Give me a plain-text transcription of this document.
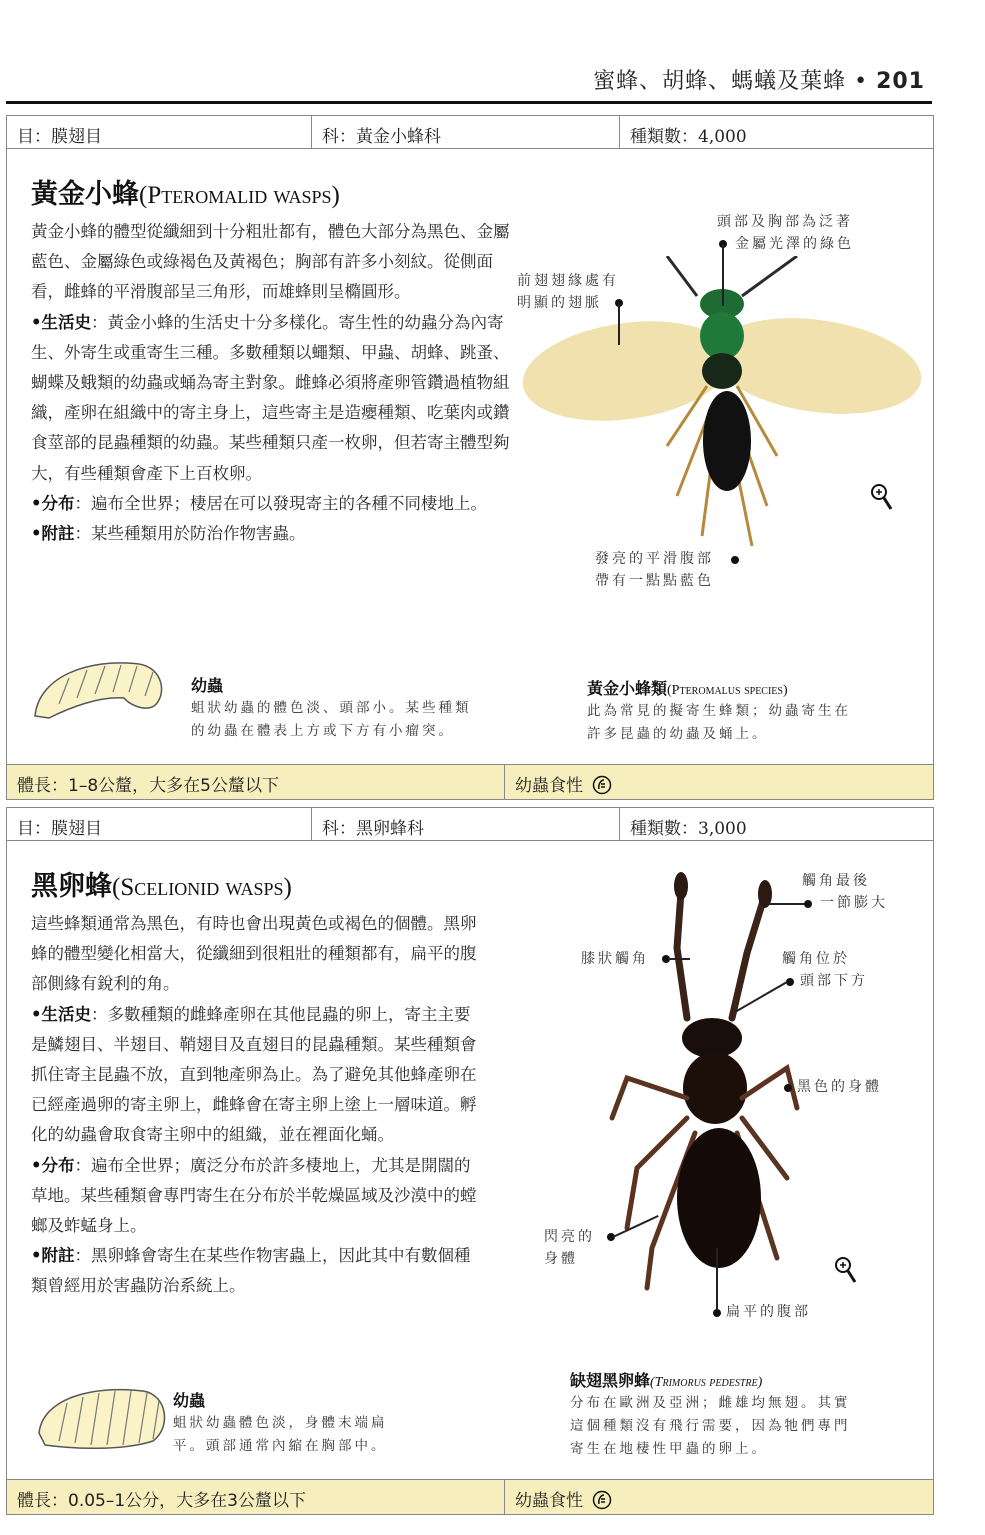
蜜蜂、胡蜂、螞蟻及葉蜂 • 201
目：膜翅目	科：黃金小蜂科	種類數：4,000
黃金小蜂(Pteromalid wasps)

黃金小蜂的體型從纖細到十分粗壯都有，體色大部分為黑色、金屬藍色、金屬綠色或綠褐色及黃褐色；胸部有許多小刻紋。從側面看，雌蜂的平滑腹部呈三角形，而雄蜂則呈橢圓形。

•生活史：黃金小蜂的生活史十分多樣化。寄生性的幼蟲分為內寄生、外寄生或重寄生三種。多數種類以蠅類、甲蟲、胡蜂、跳蚤、蝴蝶及蛾類的幼蟲或蛹為寄主對象。雌蜂必須將產卵管鑽過植物組織，產卵在組織中的寄主身上，這些寄主是造癭種類、吃葉肉或鑽食莖部的昆蟲種類的幼蟲。某些種類只產一枚卵，但若寄主體型夠大，有些種類會產下上百枚卵。

•分布：遍布全世界；棲居在可以發現寄主的各種不同棲地上。

•附註：某些種類用於防治作物害蟲。

頭部及胸部為泛著
金屬光澤的綠色
前翅翅緣處有
明顯的翅脈
發亮的平滑腹部
帶有一點點藍色
幼蟲
蛆狀幼蟲的體色淡、頭部小。某些種類
的幼蟲在體表上方或下方有小瘤突。
黃金小蜂類(Pteromalus species)
此為常見的擬寄生蜂類；幼蟲寄生在
許多昆蟲的幼蟲及蛹上。
體長：1–8公釐，大多在5公釐以下	幼蟲食性
目：膜翅目	科：黑卵蜂科	種類數：3,000
黑卵蜂(Scelionid wasps)

這些蜂類通常為黑色，有時也會出現黃色或褐色的個體。黑卵蜂的體型變化相當大，從纖細到很粗壯的種類都有，扁平的腹部側緣有銳利的角。

•生活史：多數種類的雌蜂產卵在其他昆蟲的卵上，寄主主要是鱗翅目、半翅目、鞘翅目及直翅目的昆蟲種類。某些種類會抓住寄主昆蟲不放，直到牠產卵為止。為了避免其他蜂產卵在已經產過卵的寄主卵上，雌蜂會在寄主卵上塗上一層味道。孵化的幼蟲會取食寄主卵中的組織，並在裡面化蛹。

•分布：遍布全世界；廣泛分布於許多棲地上，尤其是開闊的草地。某些種類會專門寄生在分布於半乾燥區域及沙漠中的螳螂及蚱蜢身上。

•附註：黑卵蜂會寄生在某些作物害蟲上，因此其中有數個種類曾經用於害蟲防治系統上。

觸角最後
一節膨大
膝狀觸角	觸角位於
頭部下方
黑色的身體
閃亮的
身體
扁平的腹部
幼蟲
蛆狀幼蟲體色淡，身體末端扁
平。頭部通常內縮在胸部中。
缺翅黑卵蜂(Trimorus pedestre)
分布在歐洲及亞洲；雌雄均無翅。其實
這個種類沒有飛行需要，因為牠們專門
寄生在地棲性甲蟲的卵上。
體長：0.05–1公分，大多在3公釐以下	幼蟲食性
